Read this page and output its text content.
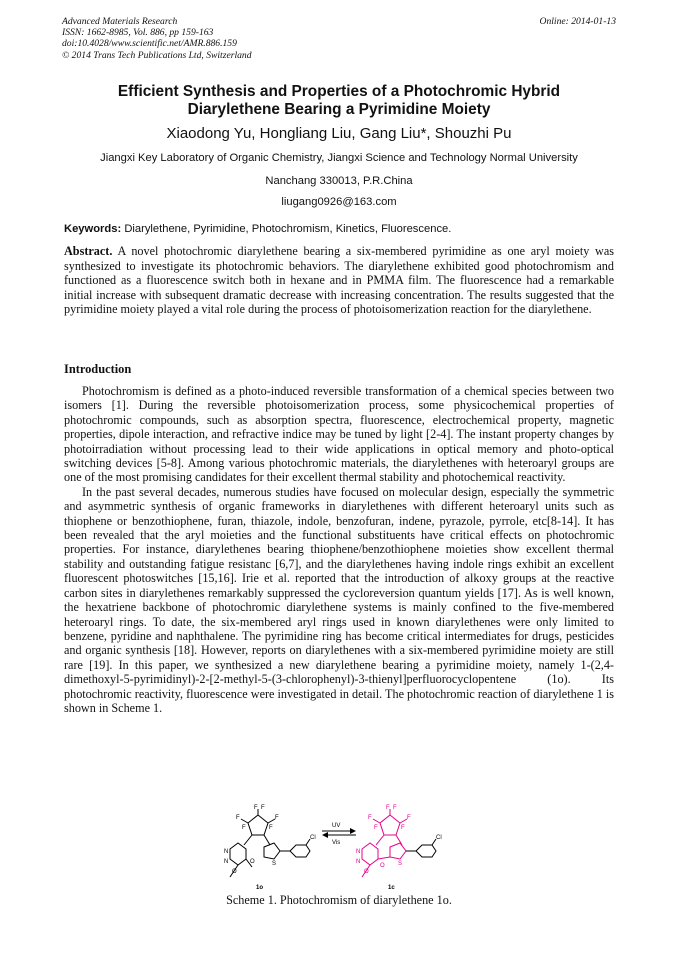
Advanced Materials Research
ISSN: 1662-8985, Vol. 886, pp 159-163
doi:10.4028/www.scientific.net/AMR.886.159
© 2014 Trans Tech Publications Ltd, Switzerland
Online: 2014-01-13
Efficient Synthesis and Properties of a Photochromic Hybrid
Diarylethene Bearing a Pyrimidine Moiety
Xiaodong Yu, Hongliang Liu, Gang Liu*, Shouzhi Pu
Jiangxi Key Laboratory of Organic Chemistry, Jiangxi Science and Technology Normal University
Nanchang 330013, P.R.China
liugang0926@163.com
Keywords: Diarylethene, Pyrimidine, Photochromism, Kinetics, Fluorescence.
Abstract. A novel photochromic diarylethene bearing a six-membered pyrimidine as one aryl moiety was synthesized to investigate its photochromic behaviors. The diarylethene exhibited good photochromism and functioned as a fluorescence switch both in hexane and in PMMA film. The fluorescence had a remarkable initial increase with subsequent dramatic decrease with increasing concentration. The results suggested that the pyrimidine moiety played a vital role during the process of photoisomerization reaction for the diarylethene.
Introduction

Photochromism is defined as a photo-induced reversible transformation of a chemical species between two isomers [1]. During the reversible photoisomerization process, some physicochemical properties of photochromic compounds, such as absorption spectra, fluorescence, electrochemical property, magnetic properties, dipole interaction, and refractive indice may be tuned by light [2-4]. The instant property changes by photoirradiation without processing lead to their wide applications in optical memory and photo-optical switching devices [5-8]. Among various photochromic materials, the diarylethenes with heteroaryl groups are one of the most promising candidates for their excellent thermal stability and photochemical reactivity.

In the past several decades, numerous studies have focused on molecular design, especially the symmetric and asymmetric synthesis of organic frameworks in diarylethenes with different heteroaryl units such as thiophene or benzothiophene, furan, thiazole, indole, benzofuran, indene, pyrazole, pyrrole, etc[8-14]. It has been revealed that the aryl moieties and the functional substituents have critical effects on photochromic properties. For instance, diarylethenes bearing thiophene/benzothiophene moieties show excellent thermal stability and outstanding fatigue resistanc [6,7], and the diarylethenes having indole rings exhibit an excellent fluorescent photoswitches [15,16]. Irie et al. reported that the introduction of alkoxy groups at the reactive carbon sites in diarylethenes remarkably suppressed the cycloreversion quantum yields [17]. As is well known, the hexatriene backbone of photochromic diarylethene systems is mainly confined to the five-membered heteroaryl rings. To date, the six-membered aryl rings used in known diarylethenes were only limited to benzene, pyridine and naphthalene. The pyrimidine ring has become critical intermediates for drugs, pesticides and organic synthesis [18]. However, reports on diarylethenes with a six-membered pyrimidine moiety are still rare [19]. In this paper, we synthesized a new diarylethene bearing a pyrimidine moiety, namely 1-(2,4-dimethoxyl-5-pyrimidinyl)-2-[2-methyl-5-(3-chlorophenyl)-3-thienyl]perfluorocyclopentene (1o). Its photochromic reactivity, fluorescence were investigated in detail. The photochromic reaction of diarylethene 1 is shown in Scheme 1.

F F
F	F
F	F
N
N	O
O
S
Cl
1o
UV
Vis
F F
F	F
F	F
N
N
O
O
S
Cl
1c
Scheme 1. Photochromism of diarylethene 1o.
